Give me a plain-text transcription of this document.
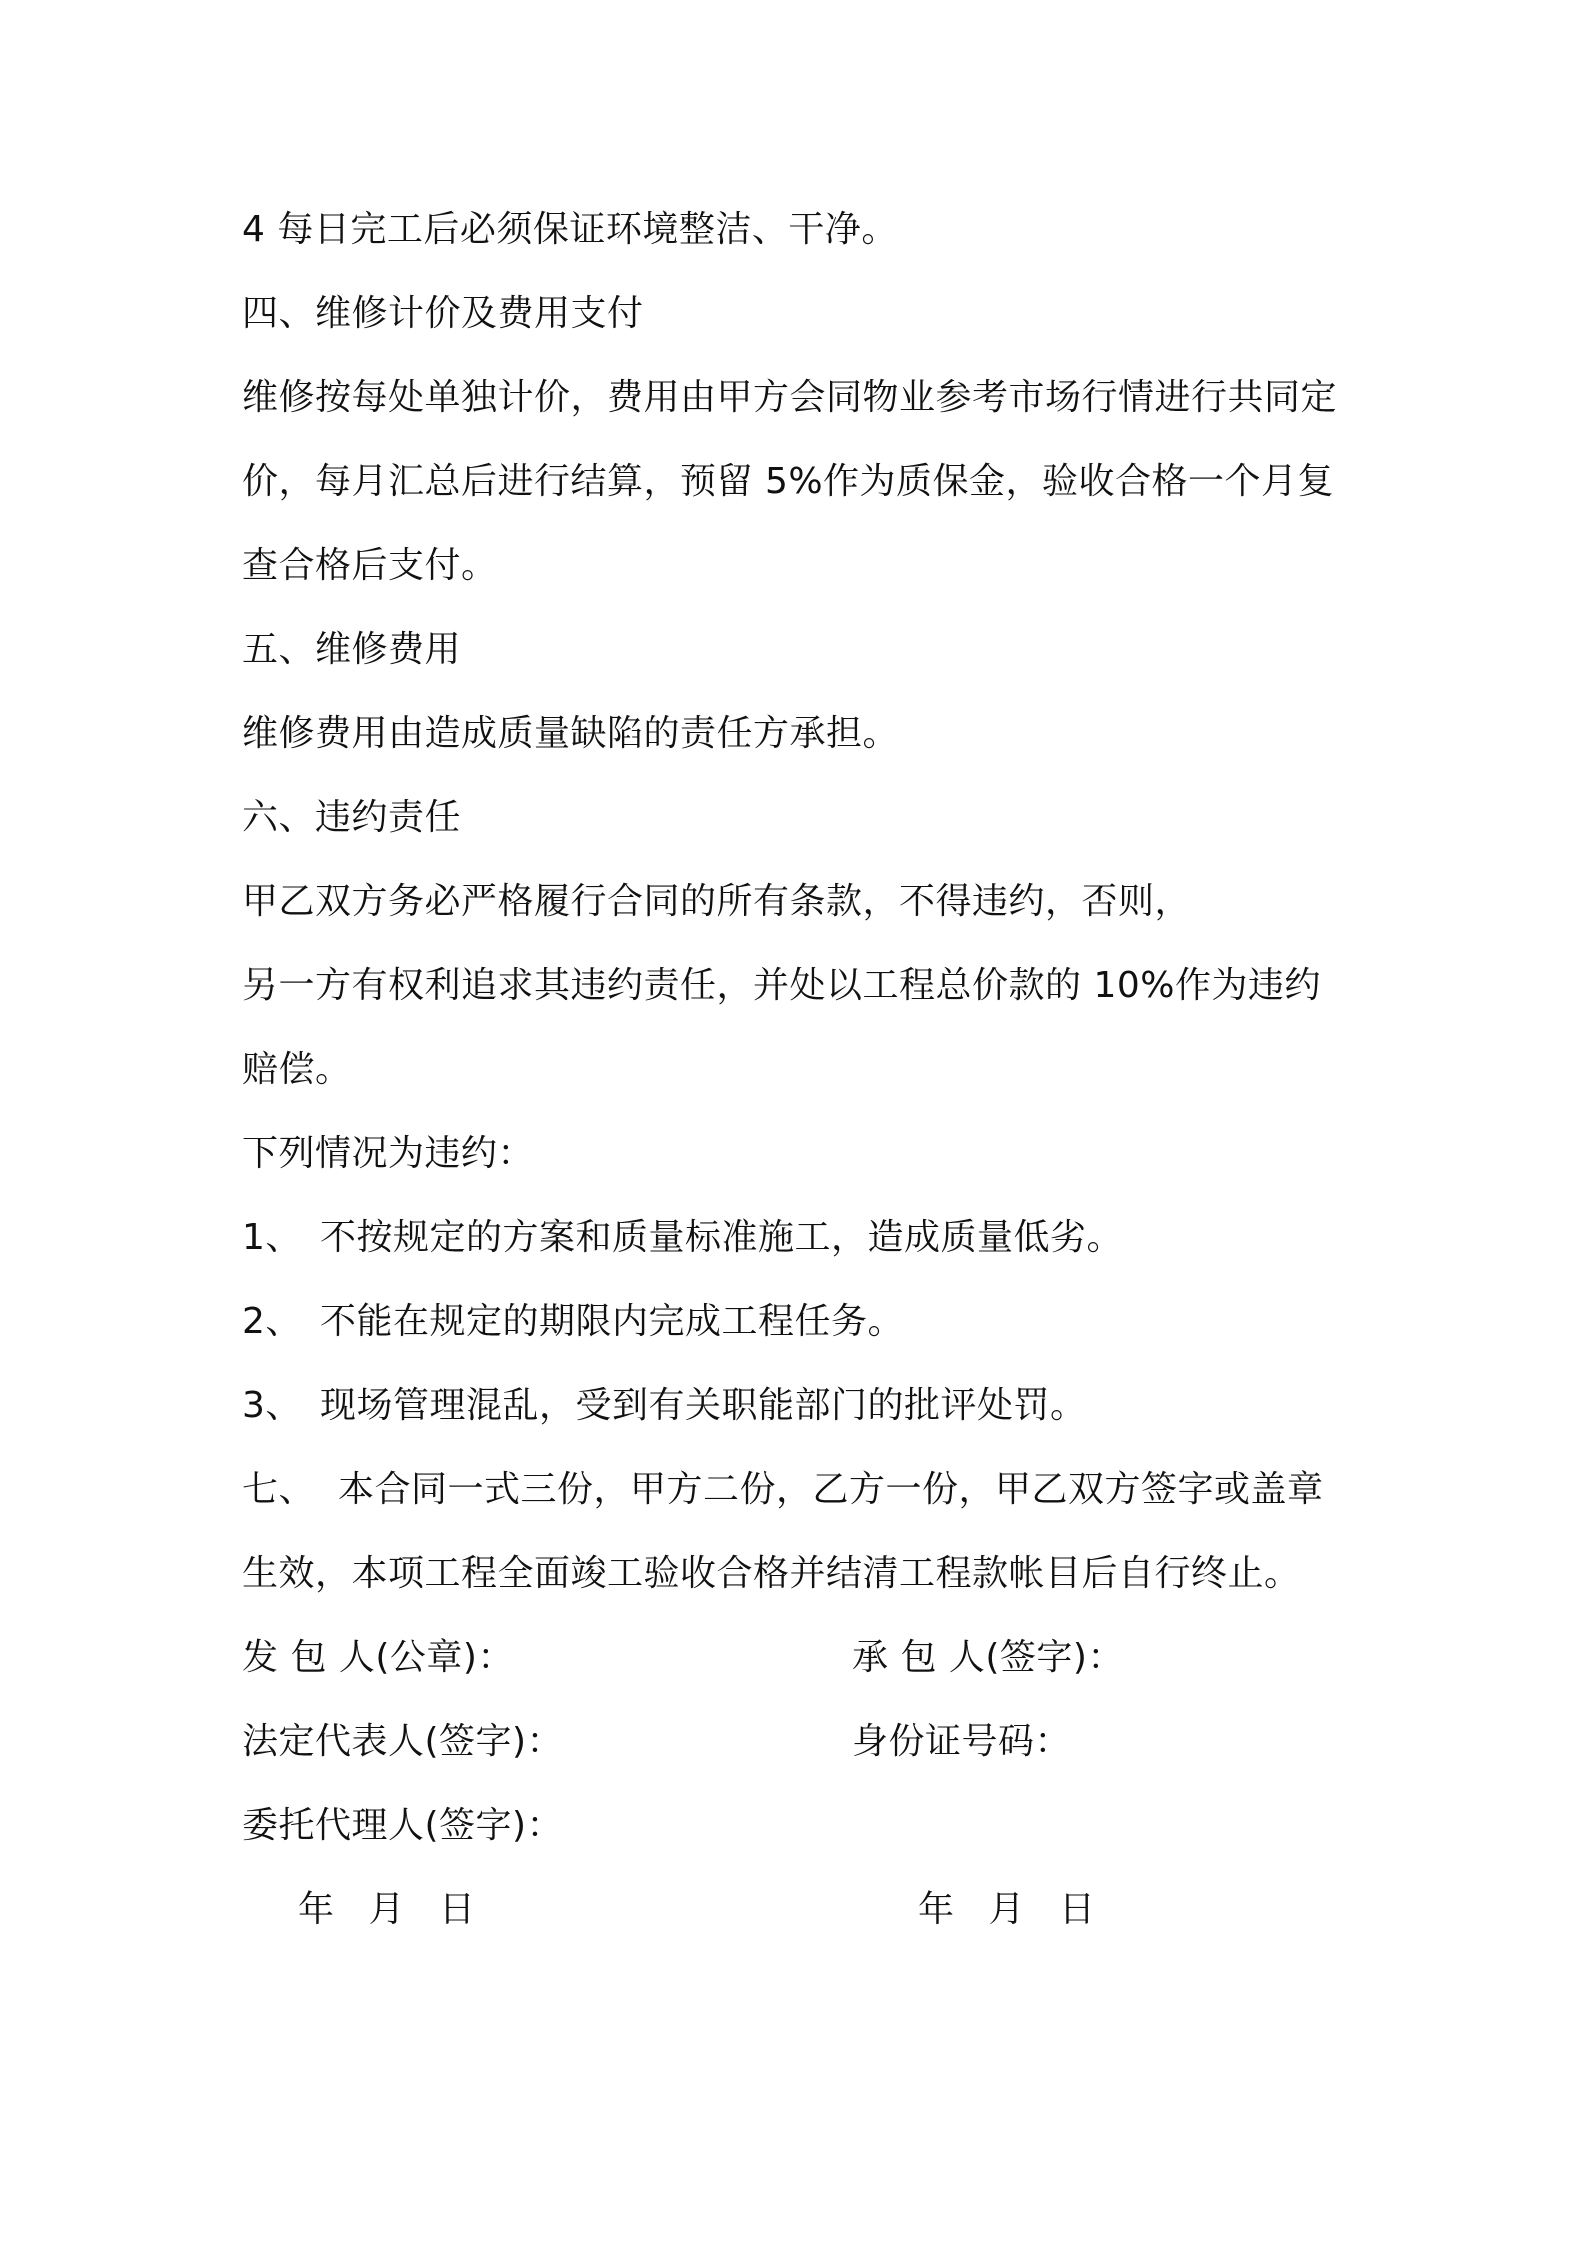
4 每日完工后必须保证环境整洁、干净。
四、维修计价及费用支付
维修按每处单独计价，费用由甲方会同物业参考市场行情进行共同定
价，每月汇总后进行结算，预留 5%作为质保金，验收合格一个月复
查合格后支付。
五、维修费用
维修费用由造成质量缺陷的责任方承担。
六、违约责任
甲乙双方务必严格履行合同的所有条款，不得违约，否则，
另一方有权利追求其违约责任，并处以工程总价款的 10%作为违约
赔偿。
下列情况为违约：
1、 不按规定的方案和质量标准施工，造成质量低劣。
2、 不能在规定的期限内完成工程任务。
3、 现场管理混乱，受到有关职能部门的批评处罚。
七、 本合同一式三份，甲方二份，乙方一份，甲乙双方签字或盖章
生效，本项工程全面竣工验收合格并结清工程款帐目后自行终止。
发 包 人(公章)：	承 包 人(签字)：
法定代表人(签字)：	身份证号码：
委托代理人(签字)：
年 月 日	年 月 日
